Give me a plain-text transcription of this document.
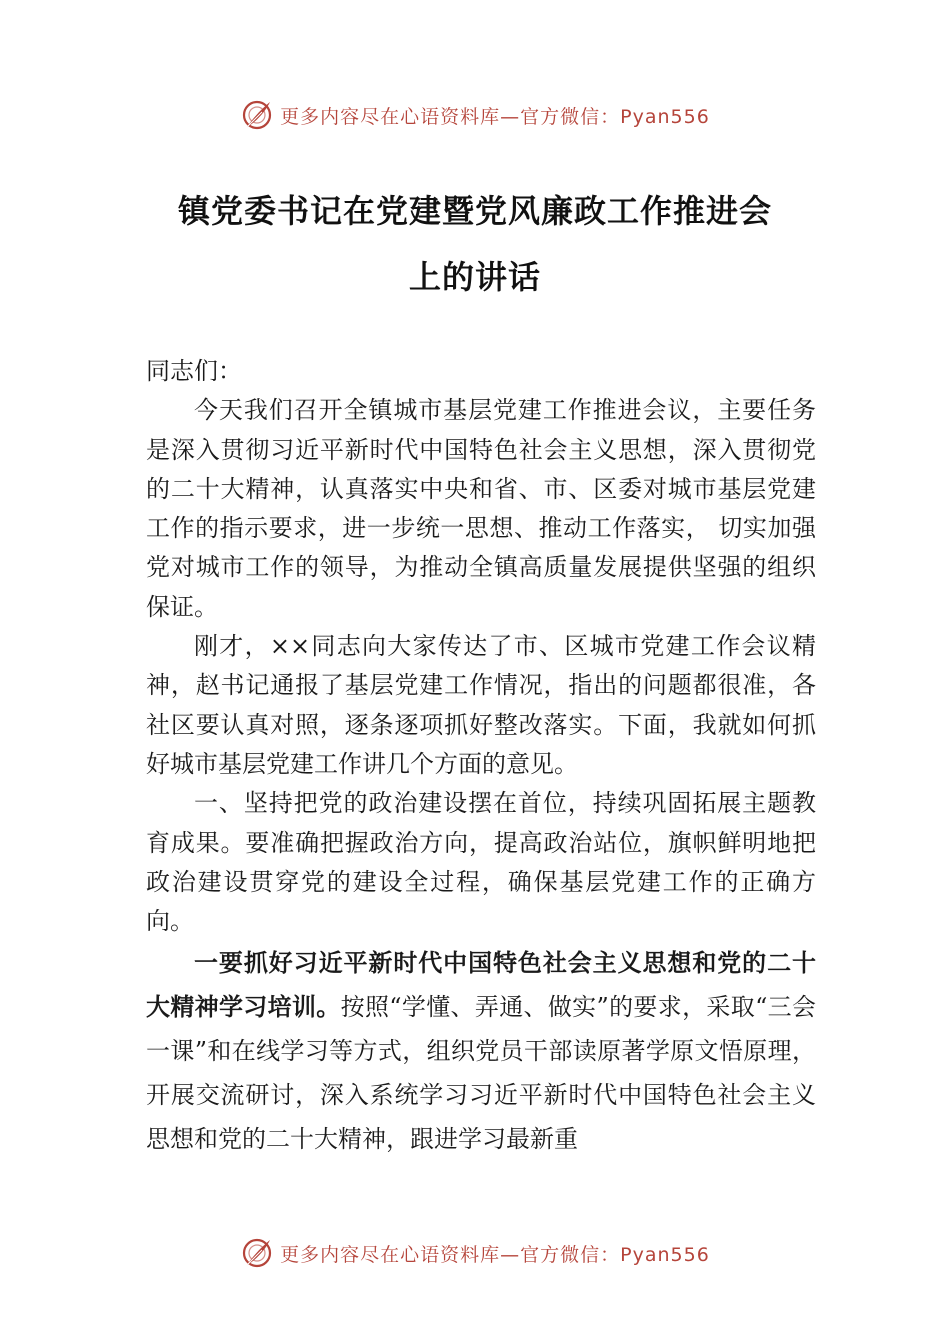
更多内容尽在心语资料库—官方微信：Pyan556
镇党委书记在党建暨党风廉政工作推进会
上的讲话

同志们：

今天我们召开全镇城市基层党建工作推进会议，主要任务是深入贯彻习近平新时代中国特色社会主义思想，深入贯彻党的二十大精神，认真落实中央和省、市、区委对城市基层党建工作的指示要求，进一步统一思想、推动工作落实， 切实加强党对城市工作的领导，为推动全镇高质量发展提供坚强的组织保证。

刚才，××同志向大家传达了市、区城市党建工作会议精神，赵书记通报了基层党建工作情况，指出的问题都很准，各社区要认真对照，逐条逐项抓好整改落实。下面，我就如何抓好城市基层党建工作讲几个方面的意见。

一、坚持把党的政治建设摆在首位，持续巩固拓展主题教育成果。要准确把握政治方向，提高政治站位，旗帜鲜明地把政治建设贯穿党的建设全过程，确保基层党建工作的正确方向。

一要抓好习近平新时代中国特色社会主义思想和党的二十大精神学习培训。按照“学懂、弄通、做实”的要求，采取“三会一课”和在线学习等方式，组织党员干部读原著学原文悟原理，开展交流研讨，深入系统学习习近平新时代中国特色社会主义思想和党的二十大精神，跟进学习最新重

更多内容尽在心语资料库—官方微信：Pyan556
